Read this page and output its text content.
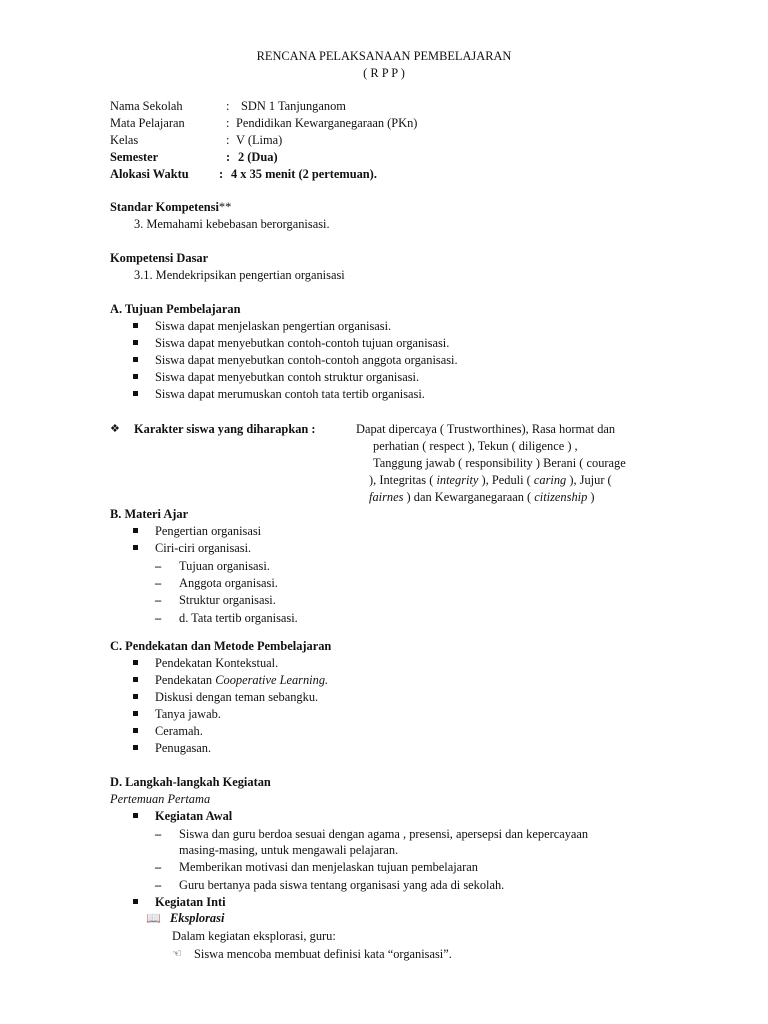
RENCANA PELAKSANAAN PEMBELAJARAN
( R P P )
Nama Sekolah	: SDN 1 Tanjunganom
Mata Pelajaran	: Pendidikan Kewarganegaraan (PKn)
Kelas	: V (Lima)
Semester	: 2 (Dua)
Alokasi Waktu : 4 x 35 menit (2 pertemuan).
Standar Kompetensi**
3. Memahami kebebasan berorganisasi.
Kompetensi Dasar
3.1. Mendekripsikan pengertian organisasi
A. Tujuan Pembelajaran
Siswa dapat menjelaskan pengertian organisasi.
Siswa dapat menyebutkan contoh-contoh tujuan organisasi.
Siswa dapat menyebutkan contoh-contoh anggota organisasi.
Siswa dapat menyebutkan contoh struktur organisasi.
Siswa dapat merumuskan contoh tata tertib organisasi.
❖ Karakter siswa yang diharapkan :	Dapat dipercaya ( Trustworthines), Rasa hormat dan
perhatian ( respect ), Tekun ( diligence ) ,
Tanggung jawab ( responsibility ) Berani ( courage
), Integritas ( integrity ), Peduli ( caring ), Jujur (
fairnes ) dan Kewarganegaraan ( citizenship )
B. Materi Ajar
Pengertian organisasi
Ciri-ciri organisasi.
– Tujuan organisasi.
– Anggota organisasi.
– Struktur organisasi.
– d. Tata tertib organisasi.
C. Pendekatan dan Metode Pembelajaran
Pendekatan Kontekstual.
Pendekatan Cooperative Learning.
Diskusi dengan teman sebangku.
Tanya jawab.
Ceramah.
Penugasan.
D. Langkah-langkah Kegiatan
Pertemuan Pertama
Kegiatan Awal
– Siswa dan guru berdoa sesuai dengan agama , presensi, apersepsi dan kepercayaan
masing-masing, untuk mengawali pelajaran.
– Memberikan motivasi dan menjelaskan tujuan pembelajaran
– Guru bertanya pada siswa tentang organisasi yang ada di sekolah.
Kegiatan Inti
📖 Eksplorasi
Dalam kegiatan eksplorasi, guru:
☜ Siswa mencoba membuat definisi kata “organisasi”.
